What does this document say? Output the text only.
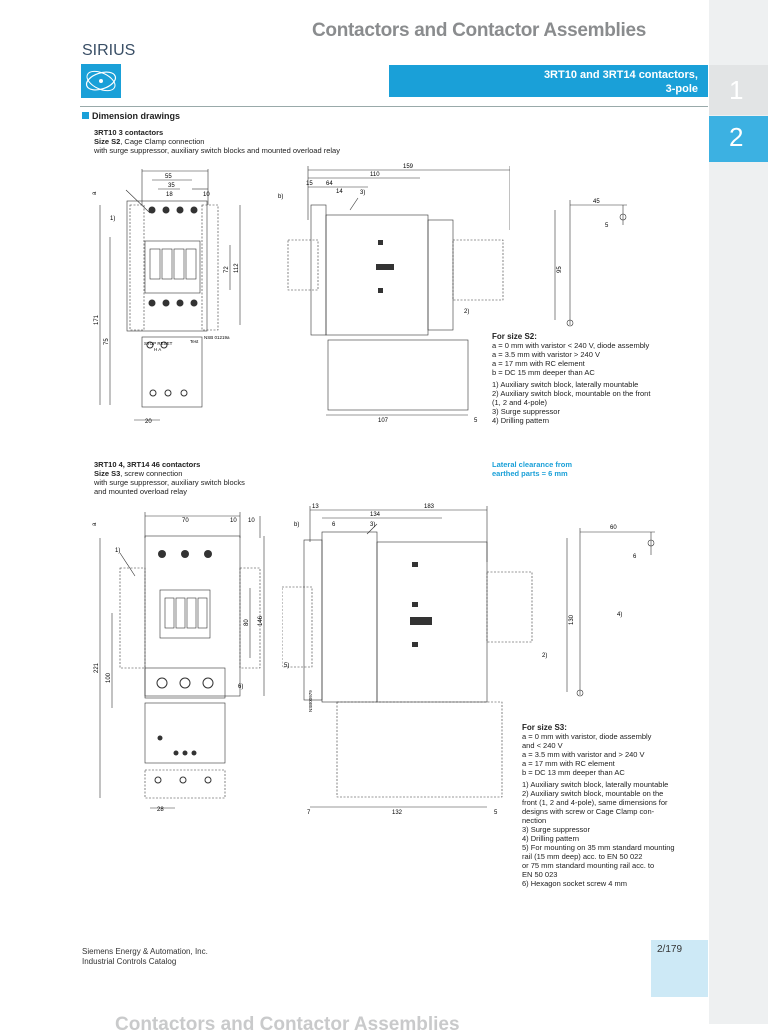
1
2
Contactors and Contactor Assemblies
SIRIUS
3RT10 and 3RT14 contactors,
3-pole
Dimension drawings
3RT10 3 contactors
Size S2, Cage Clamp connection
with surge suppressor, auxiliary switch blocks and mounted overload relay
55
35
18	10
171
75
72 112
20
1)
a
NSB 01219a
STOP RESET
H A
Test
159
110
64
15
14
b)
3)
2)
107	5
45
5
95
For size S2:
a = 0 mm with varistor < 240 V, diode assembly
a = 3.5 mm with varistor > 240 V
a = 17 mm with RC element
b = DC 15 mm deeper than AC
1) Auxiliary switch block, laterally mountable
2) Auxiliary switch block, mountable on the front
(1, 2 and 4-pole)
3) Surge suppressor
4) Drilling pattern
3RT10 4, 3RT14 46 contactors
Size S3, screw connection
with surge suppressor, auxiliary switch blocks
and mounted overload relay
Lateral clearance from
earthed parts = 6 mm
70	10 10
221
100
80 146
28
1)
6)
a
183
134
13
6
b)	3)
2)
5)
NSB00979
132
7	5
60
6
130	4)
For size S3:
a = 0 mm with varistor, diode assembly
and < 240 V
a = 3.5 mm with varistor and > 240 V
a = 17 mm with RC element
b = DC 13 mm deeper than AC
1) Auxiliary switch block, laterally mountable
2) Auxiliary switch block, mountable on the
front (1, 2 and 4-pole), same dimensions for
designs with screw or Cage Clamp con-
nection
3) Surge suppressor
4) Drilling pattern
5) For mounting on 35 mm standard mounting
rail (15 mm deep) acc. to EN 50 022
or 75 mm standard mounting rail acc. to
EN 50 023
6) Hexagon socket screw 4 mm
Siemens Energy & Automation, Inc.
Industrial Controls Catalog
2/179
Contactors and Contactor Assemblies
